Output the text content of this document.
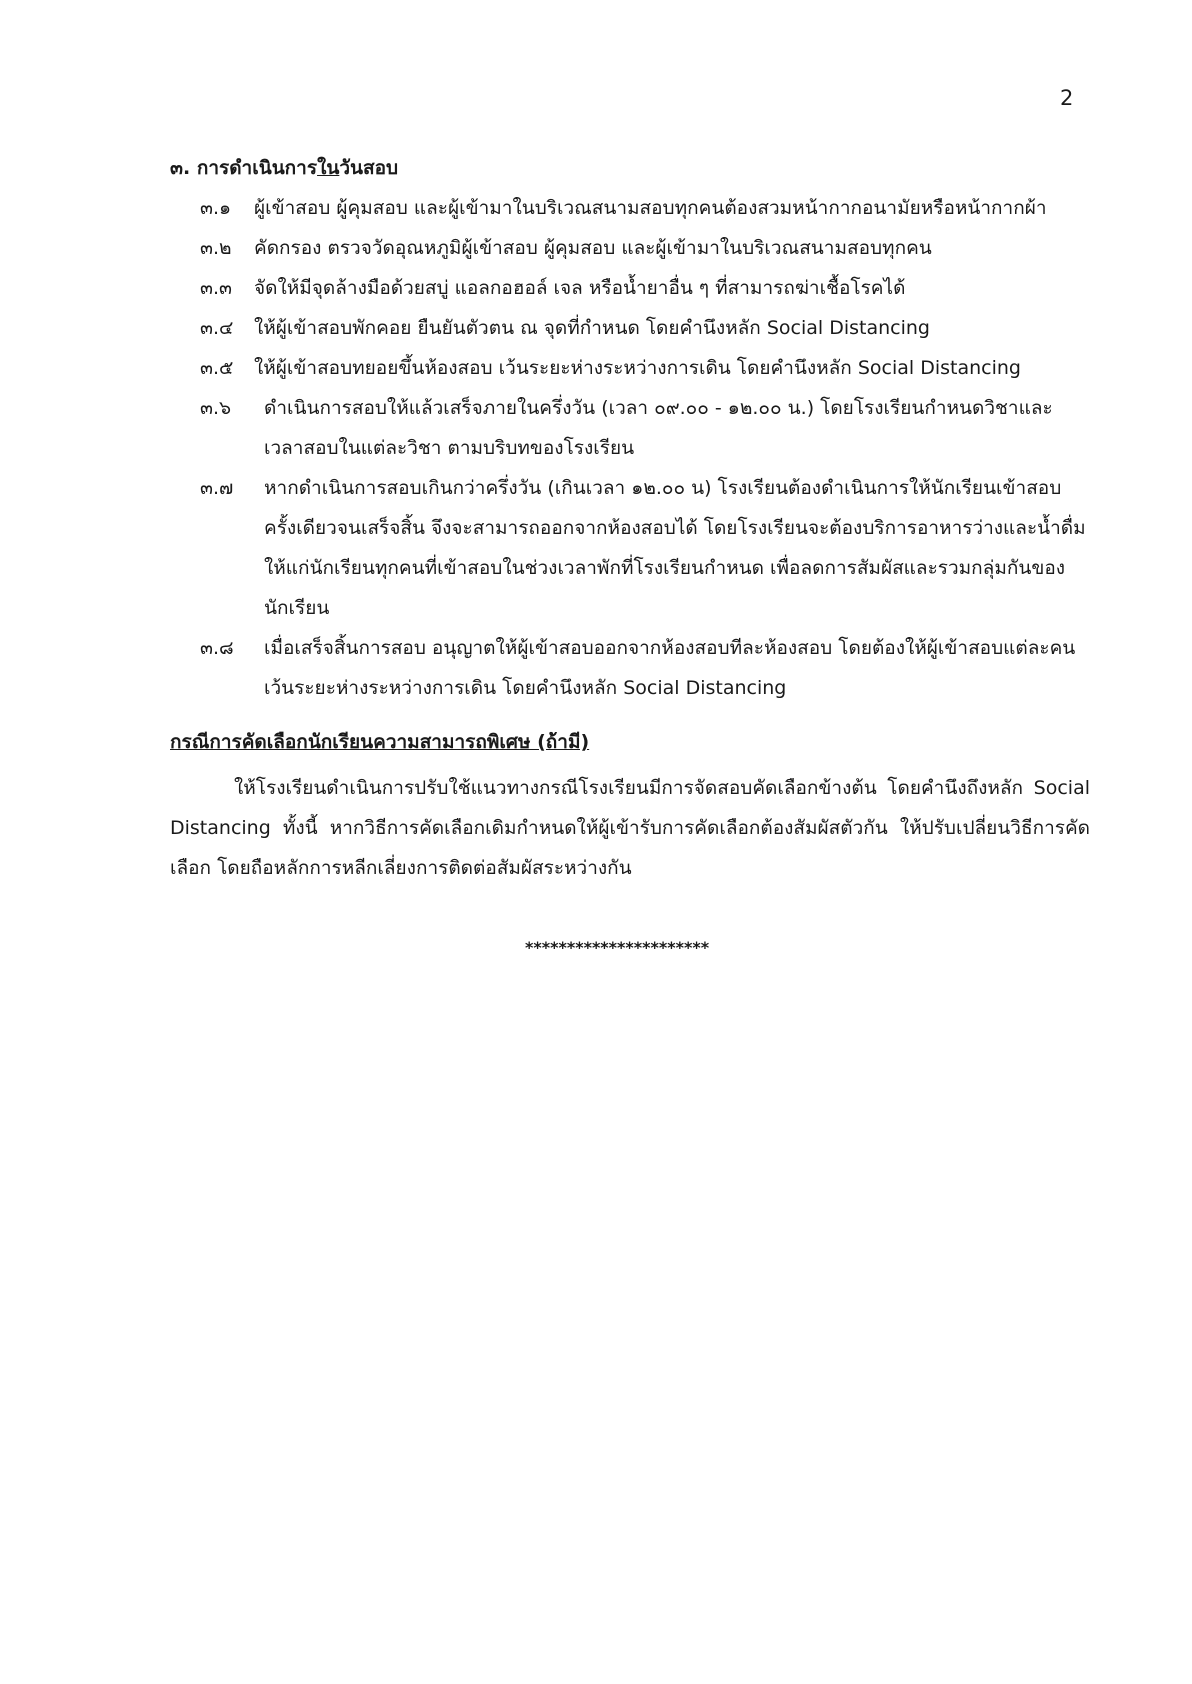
2

๓. การดำเนินการในวันสอบ

๓.๑	ผู้เข้าสอบ ผู้คุมสอบ และผู้เข้ามาในบริเวณสนามสอบทุกคนต้องสวมหน้ากากอนามัยหรือหน้ากากผ้า
๓.๒	คัดกรอง ตรวจวัดอุณหภูมิผู้เข้าสอบ ผู้คุมสอบ และผู้เข้ามาในบริเวณสนามสอบทุกคน
๓.๓	จัดให้มีจุดล้างมือด้วยสบู่ แอลกอฮอล์ เจล หรือน้ำยาอื่น ๆ ที่สามารถฆ่าเชื้อโรคได้
๓.๔	ให้ผู้เข้าสอบพักคอย ยืนยันตัวตน ณ จุดที่กำหนด โดยคำนึงหลัก Social Distancing
๓.๕	ให้ผู้เข้าสอบทยอยขึ้นห้องสอบ เว้นระยะห่างระหว่างการเดิน โดยคำนึงหลัก Social Distancing
๓.๖	ดำเนินการสอบให้แล้วเสร็จภายในครึ่งวัน (เวลา ๐๙.๐๐ - ๑๒.๐๐ น.) โดยโรงเรียนกำหนดวิชาและเวลาสอบในแต่ละวิชา ตามบริบทของโรงเรียน
๓.๗	หากดำเนินการสอบเกินกว่าครึ่งวัน (เกินเวลา ๑๒.๐๐ น) โรงเรียนต้องดำเนินการให้นักเรียนเข้าสอบครั้งเดียวจนเสร็จสิ้น จึงจะสามารถออกจากห้องสอบได้ โดยโรงเรียนจะต้องบริการอาหารว่างและน้ำดื่ม ให้แก่นักเรียนทุกคนที่เข้าสอบในช่วงเวลาพักที่โรงเรียนกำหนด เพื่อลดการสัมผัสและรวมกลุ่มกันของนักเรียน
๓.๘	เมื่อเสร็จสิ้นการสอบ อนุญาตให้ผู้เข้าสอบออกจากห้องสอบทีละห้องสอบ โดยต้องให้ผู้เข้าสอบแต่ละคนเว้นระยะห่างระหว่างการเดิน โดยคำนึงหลัก Social Distancing

กรณีการคัดเลือกนักเรียนความสามารถพิเศษ (ถ้ามี)

ให้โรงเรียนดำเนินการปรับใช้แนวทางกรณีโรงเรียนมีการจัดสอบคัดเลือกข้างต้น โดยคำนึงถึงหลัก Social Distancing ทั้งนี้ หากวิธีการคัดเลือกเดิมกำหนดให้ผู้เข้ารับการคัดเลือกต้องสัมผัสตัวกัน ให้ปรับเปลี่ยนวิธีการคัดเลือก โดยถือหลักการหลีกเลี่ยงการติดต่อสัมผัสระหว่างกัน

**********************
